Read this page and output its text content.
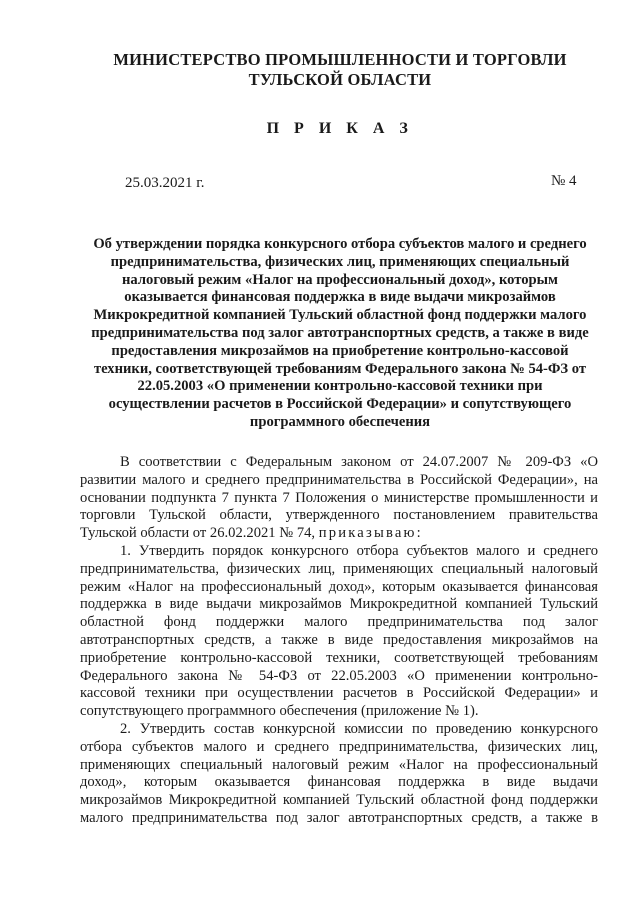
МИНИСТЕРСТВО ПРОМЫШЛЕННОСТИ И ТОРГОВЛИ
ТУЛЬСКОЙ ОБЛАСТИ
П Р И К А З
25.03.2021 г.	№ 4
Об утверждении порядка конкурсного отбора субъектов малого и среднего
предпринимательства, физических лиц, применяющих специальный
налоговый режим «Налог на профессиональный доход», которым
оказывается финансовая поддержка в виде выдачи микрозаймов
Микрокредитной компанией Тульский областной фонд поддержки малого
предпринимательства под залог автотранспортных средств, а также в виде
предоставления микрозаймов на приобретение контрольно-кассовой
техники, соответствующей требованиям Федерального закона № 54-ФЗ от
22.05.2003 «О применении контрольно-кассовой техники при
осуществлении расчетов в Российской Федерации» и сопутствующего
программного обеспечения
В соответствии с Федеральным законом от 24.07.2007 № 209-ФЗ «О
развитии малого и среднего предпринимательства в Российской Федерации», на
основании подпункта 7 пункта 7 Положения о министерстве промышленности и
торговли Тульской области, утвержденного постановлением правительства
Тульской области от 26.02.2021 № 74, приказываю:
1. Утвердить порядок конкурсного отбора субъектов малого и среднего
предпринимательства, физических лиц, применяющих специальный налоговый
режим «Налог на профессиональный доход», которым оказывается финансовая
поддержка в виде выдачи микрозаймов Микрокредитной компанией Тульский
областной фонд поддержки малого предпринимательства под залог
автотранспортных средств, а также в виде предоставления микрозаймов на
приобретение контрольно-кассовой техники, соответствующей требованиям
Федерального закона № 54-ФЗ от 22.05.2003 «О применении контрольно-
кассовой техники при осуществлении расчетов в Российской Федерации» и
сопутствующего программного обеспечения (приложение № 1).
2. Утвердить состав конкурсной комиссии по проведению конкурсного
отбора субъектов малого и среднего предпринимательства, физических лиц,
применяющих специальный налоговый режим «Налог на профессиональный
доход», которым оказывается финансовая поддержка в виде выдачи
микрозаймов Микрокредитной компанией Тульский областной фонд поддержки
малого предпринимательства под залог автотранспортных средств, а также в
